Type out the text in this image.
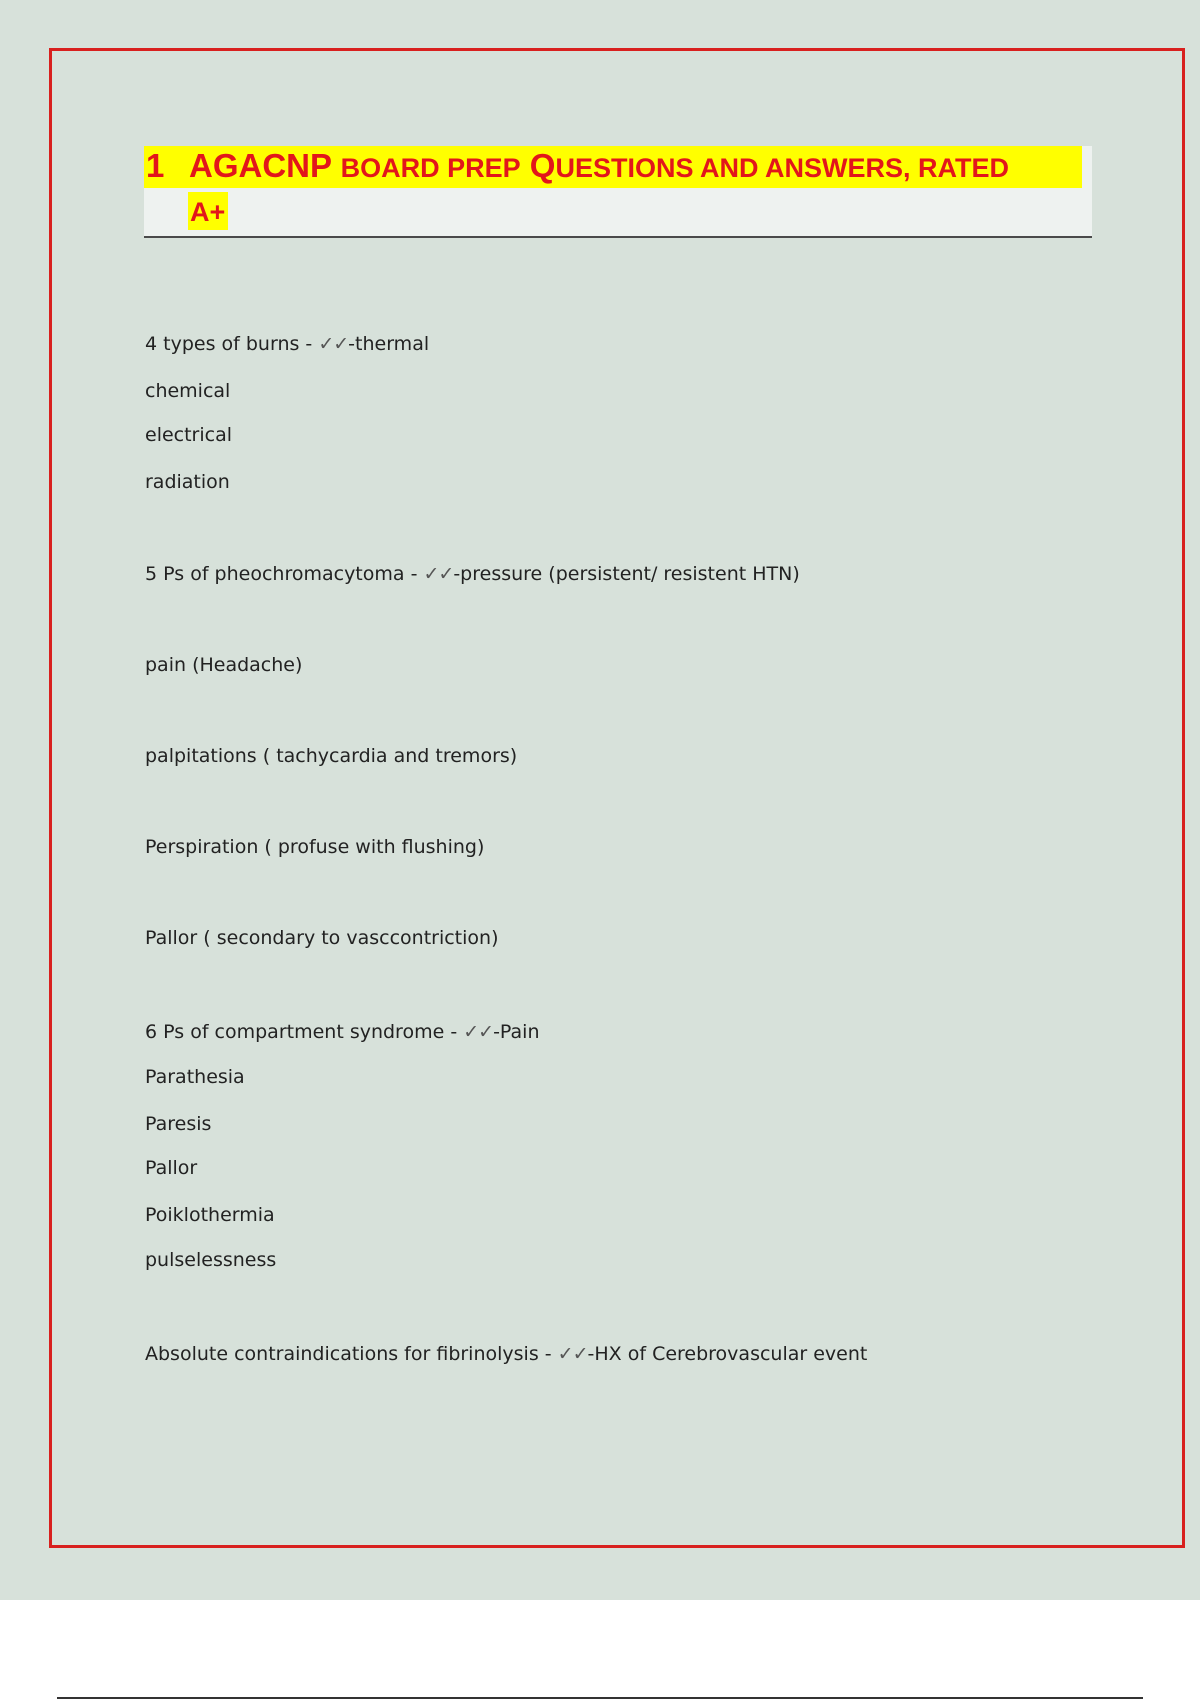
1 AGACNP BOARD PREP QUESTIONS AND ANSWERS, RATED
A+
4 types of burns - ✓✓-thermal
chemical
electrical
radiation
5 Ps of pheochromacytoma - ✓✓-pressure (persistent/ resistent HTN)
pain (Headache)
palpitations ( tachycardia and tremors)
Perspiration ( profuse with flushing)
Pallor ( secondary to vasccontriction)
6 Ps of compartment syndrome - ✓✓-Pain
Parathesia
Paresis
Pallor
Poiklothermia
pulselessness
Absolute contraindications for fibrinolysis - ✓✓-HX of Cerebrovascular event
